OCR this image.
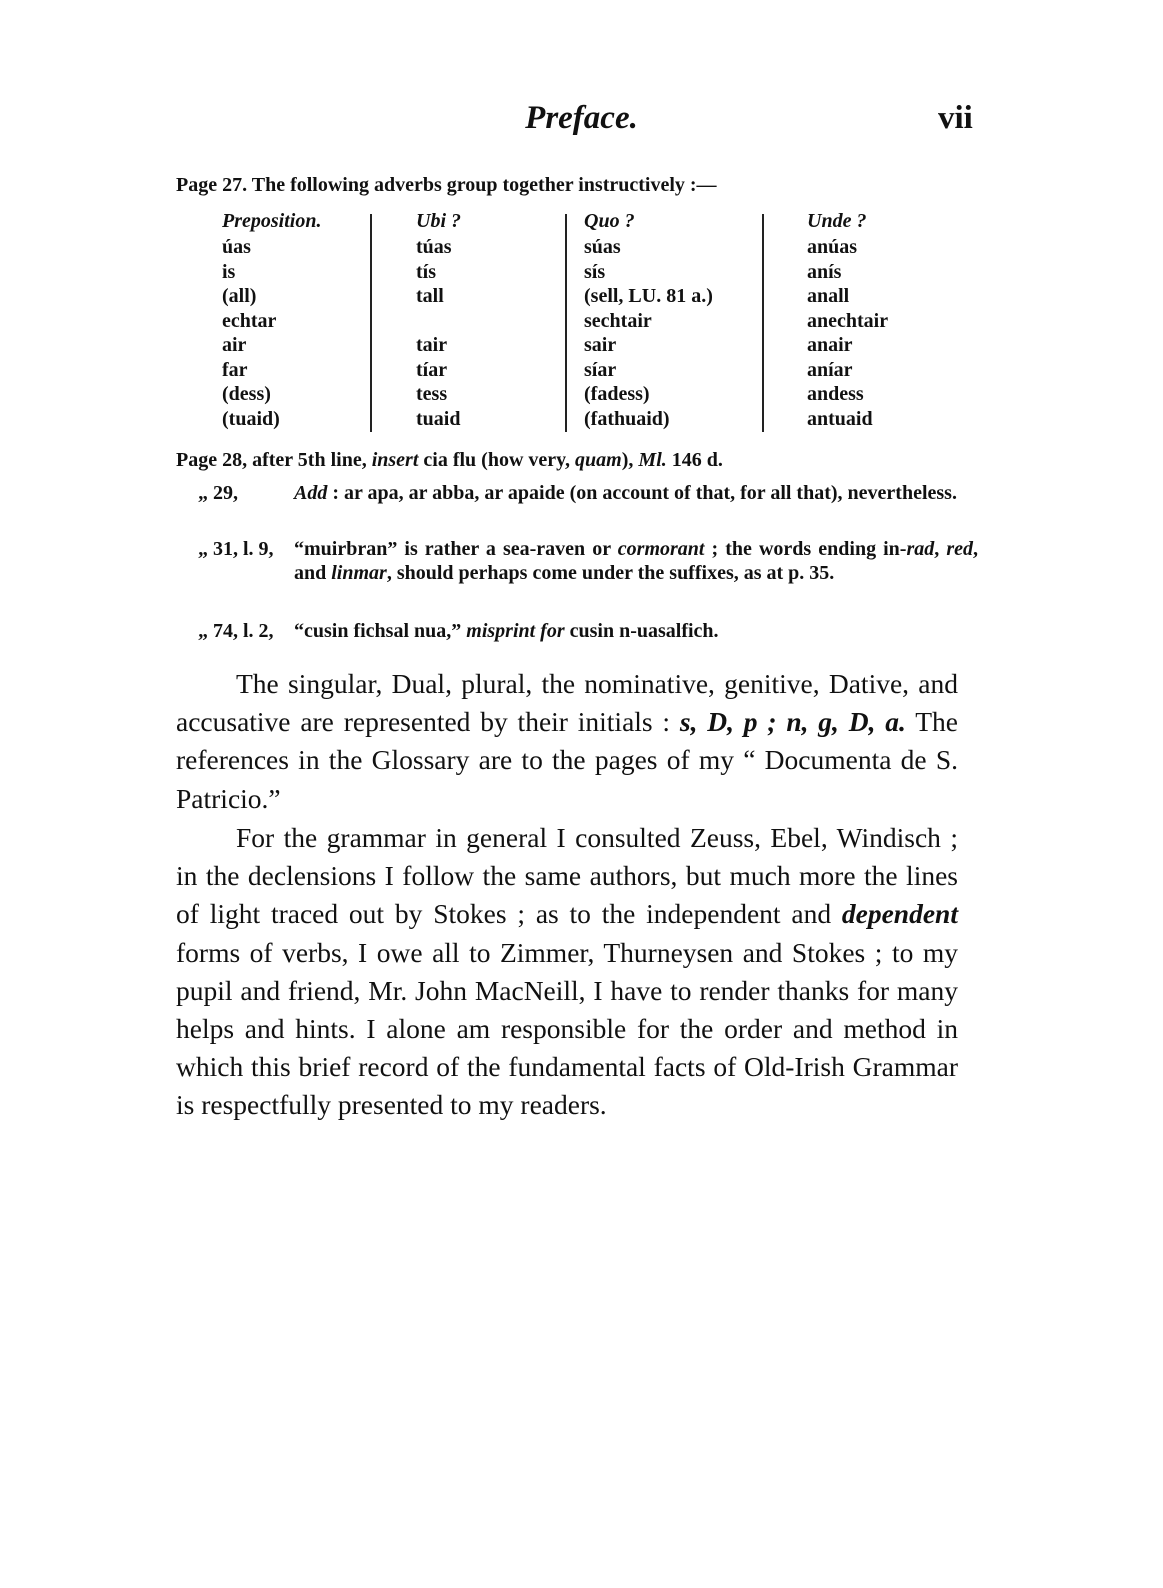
Preface.	vii
Page 27. The following adverbs group together instructively :—
Preposition.
úas
is
(all)
echtar
air
far
(dess)
(tuaid)
Ubi ?
túas
tís
tall
tair
tíar
tess
tuaid
Quo ?
súas
sís
(sell, LU. 81 a.)
sechtair
sair
síar
(fadess)
(fathuaid)
Unde ?
anúas
anís
anall
anechtair
anair
aníar
andess
antuaid
Page 28, after 5th line, insert cia flu (how very, quam), Ml. 146 d.
„ 29,	Add : ar apa, ar abba, ar apaide (on account of that, for all that), nevertheless.
„ 31, l. 9, “muirbran” is rather a sea-raven or cormorant ; the words ending in-rad, red, and linmar, should perhaps come under the suffixes, as at p. 35.
„ 74, l. 2, “cusin fichsal nua,” misprint for cusin n-uasalfich.
The singular, Dual, plural, the nominative, genitive, Dative, and accusative are represented by their initials : s, D, p ; n, g, D, a. The references in the Glossary are to the pages of my “ Documenta de S. Patricio.”
For the grammar in general I consulted Zeuss, Ebel, Windisch ; in the declensions I follow the same authors, but much more the lines of light traced out by Stokes ; as to the independent and dependent forms of verbs, I owe all to Zimmer, Thurneysen and Stokes ; to my pupil and friend, Mr. John MacNeill, I have to render thanks for many helps and hints. I alone am responsible for the order and method in which this brief record of the fundamental facts of Old-Irish Grammar is respectfully presented to my readers.
